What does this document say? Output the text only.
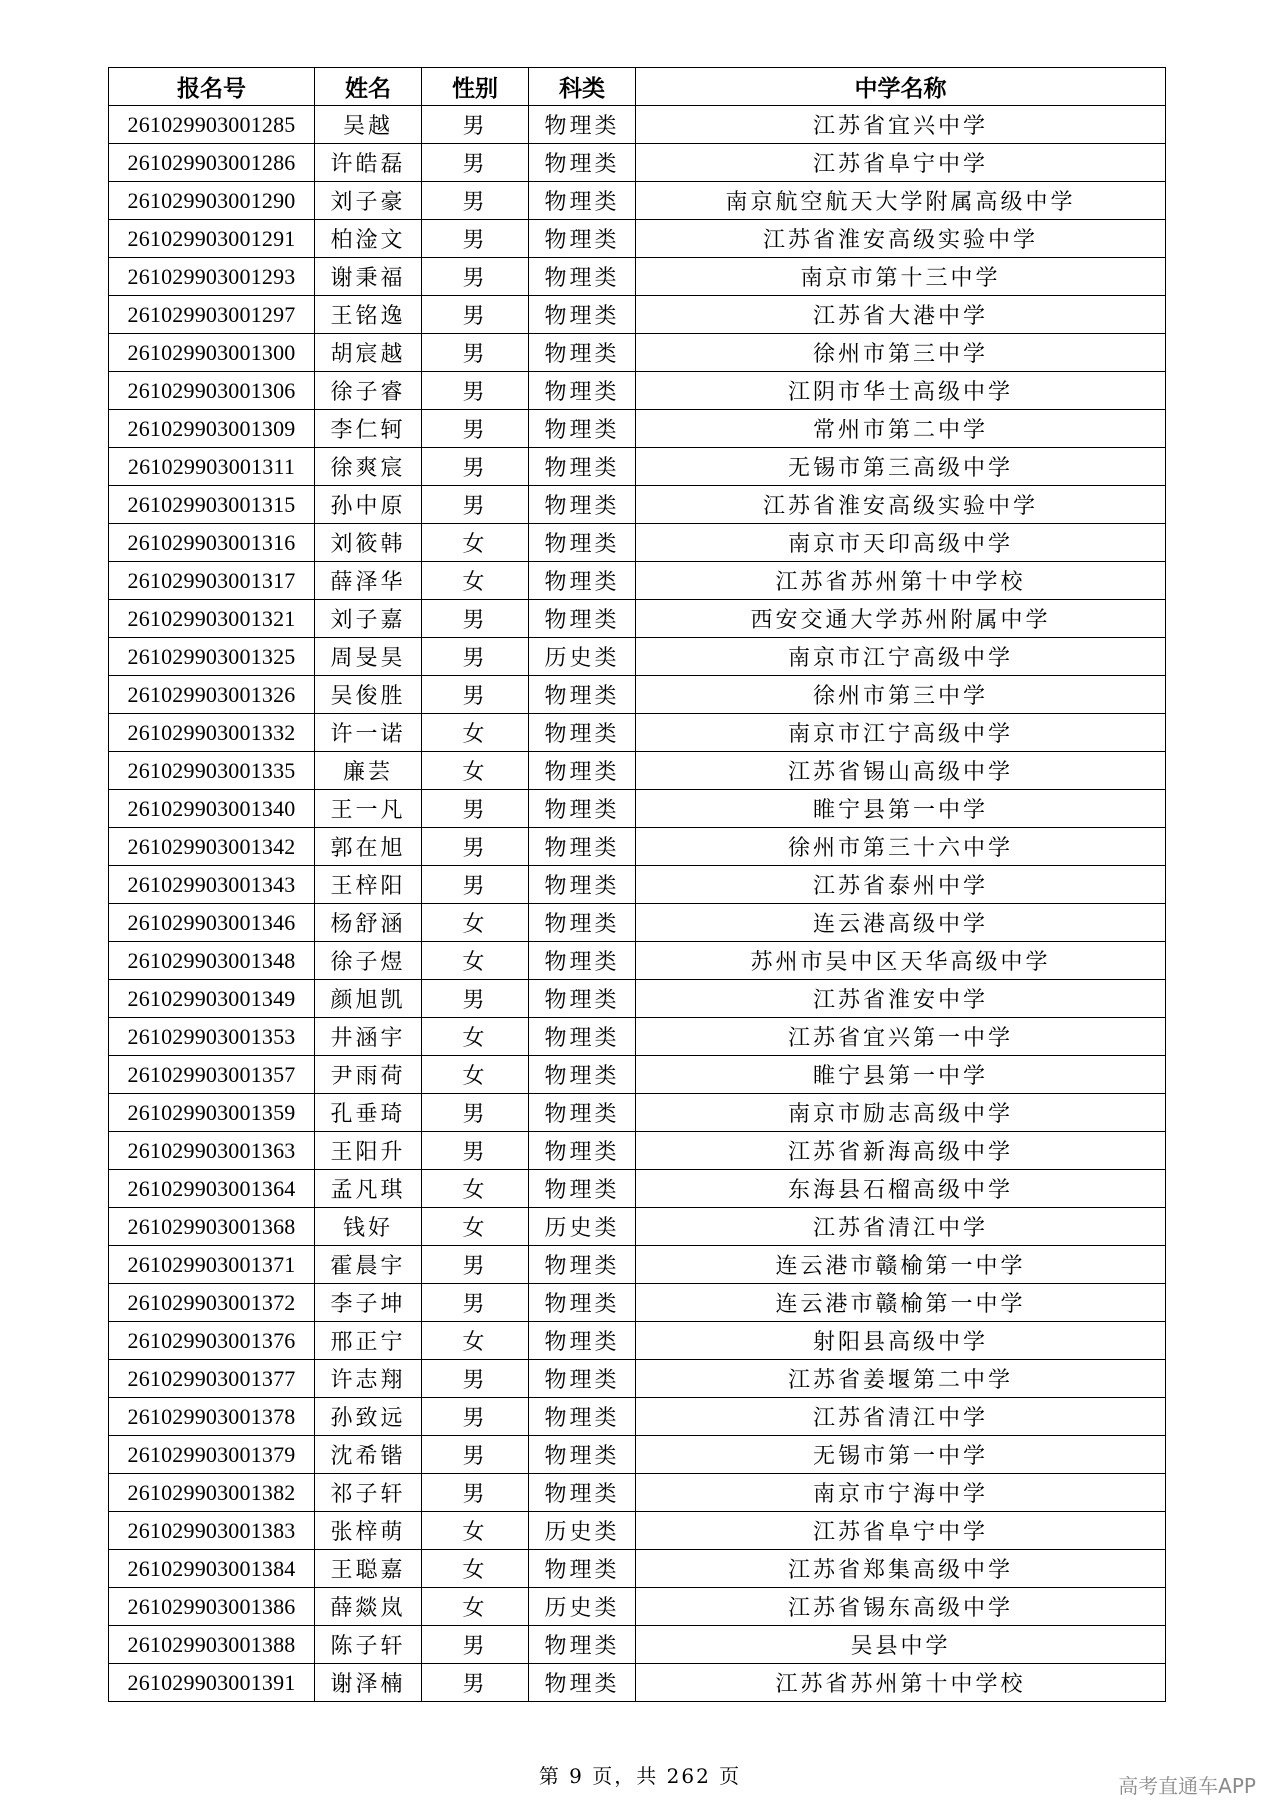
报名号	姓名	性别	科类	中学名称
261029903001285	吴越	男	物理类	江苏省宜兴中学
261029903001286	许皓磊	男	物理类	江苏省阜宁中学
261029903001290	刘子豪	男	物理类	南京航空航天大学附属高级中学
261029903001291	柏淦文	男	物理类	江苏省淮安高级实验中学
261029903001293	谢秉福	男	物理类	南京市第十三中学
261029903001297	王铭逸	男	物理类	江苏省大港中学
261029903001300	胡宸越	男	物理类	徐州市第三中学
261029903001306	徐子睿	男	物理类	江阴市华士高级中学
261029903001309	李仁轲	男	物理类	常州市第二中学
261029903001311	徐爽宸	男	物理类	无锡市第三高级中学
261029903001315	孙中原	男	物理类	江苏省淮安高级实验中学
261029903001316	刘筱韩	女	物理类	南京市天印高级中学
261029903001317	薛泽华	女	物理类	江苏省苏州第十中学校
261029903001321	刘子嘉	男	物理类	西安交通大学苏州附属中学
261029903001325	周旻昊	男	历史类	南京市江宁高级中学
261029903001326	吴俊胜	男	物理类	徐州市第三中学
261029903001332	许一诺	女	物理类	南京市江宁高级中学
261029903001335	廉芸	女	物理类	江苏省锡山高级中学
261029903001340	王一凡	男	物理类	睢宁县第一中学
261029903001342	郭在旭	男	物理类	徐州市第三十六中学
261029903001343	王梓阳	男	物理类	江苏省泰州中学
261029903001346	杨舒涵	女	物理类	连云港高级中学
261029903001348	徐子煜	女	物理类	苏州市吴中区天华高级中学
261029903001349	颜旭凯	男	物理类	江苏省淮安中学
261029903001353	井涵宇	女	物理类	江苏省宜兴第一中学
261029903001357	尹雨荷	女	物理类	睢宁县第一中学
261029903001359	孔垂琦	男	物理类	南京市励志高级中学
261029903001363	王阳升	男	物理类	江苏省新海高级中学
261029903001364	孟凡琪	女	物理类	东海县石榴高级中学
261029903001368	钱好	女	历史类	江苏省清江中学
261029903001371	霍晨宇	男	物理类	连云港市赣榆第一中学
261029903001372	李子坤	男	物理类	连云港市赣榆第一中学
261029903001376	邢正宁	女	物理类	射阳县高级中学
261029903001377	许志翔	男	物理类	江苏省姜堰第二中学
261029903001378	孙致远	男	物理类	江苏省清江中学
261029903001379	沈希锴	男	物理类	无锡市第一中学
261029903001382	祁子轩	男	物理类	南京市宁海中学
261029903001383	张梓萌	女	历史类	江苏省阜宁中学
261029903001384	王聪嘉	女	物理类	江苏省郑集高级中学
261029903001386	薛燚岚	女	历史类	江苏省锡东高级中学
261029903001388	陈子轩	男	物理类	吴县中学
261029903001391	谢泽楠	男	物理类	江苏省苏州第十中学校
第 9 页，共 262 页	高考直通车APP
